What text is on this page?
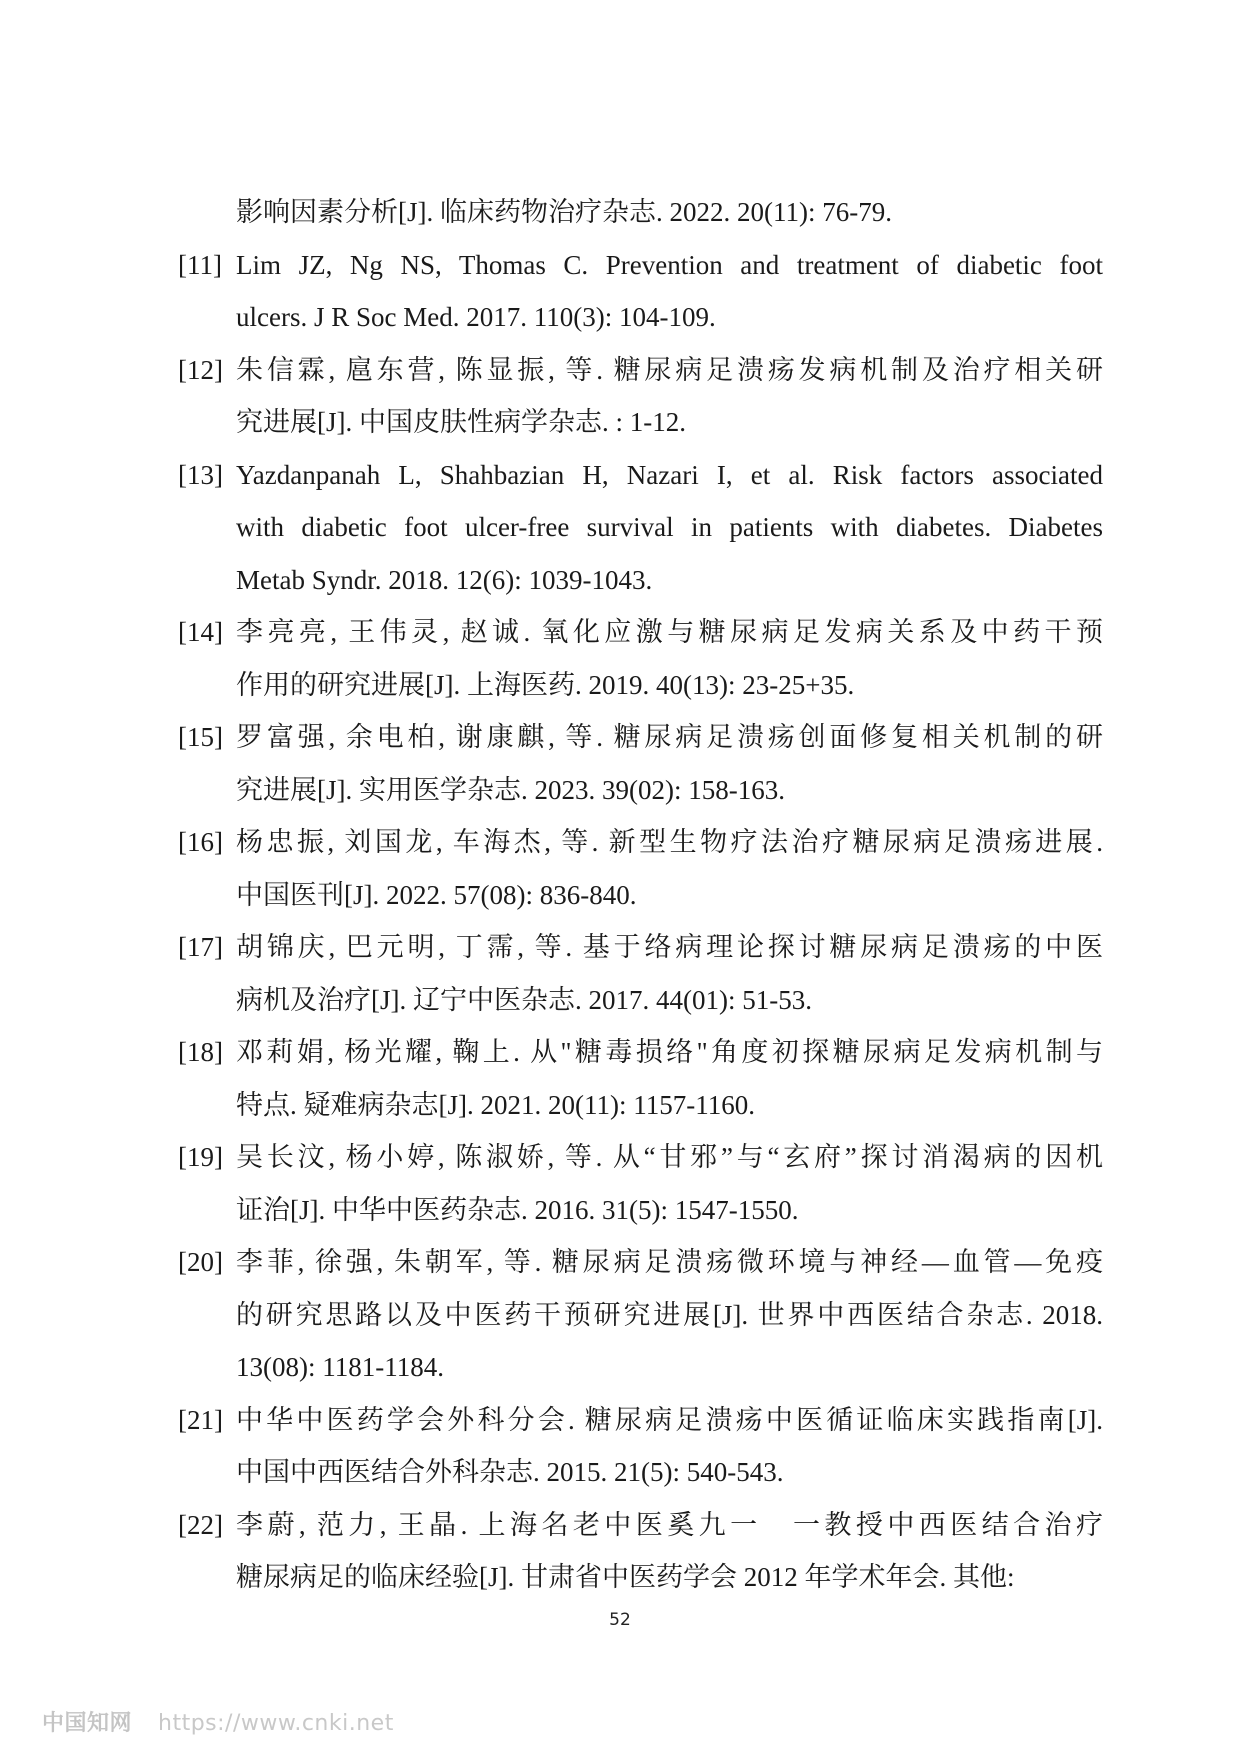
影响因素分析[J]. 临床药物治疗杂志. 2022. 20(11): 76-79.
[11] Lim JZ, Ng NS, Thomas C. Prevention and treatment of diabetic foot
ulcers. J R Soc Med. 2017. 110(3): 104-109.
[12] 朱信霖, 扈东营, 陈显振, 等. 糖尿病足溃疡发病机制及治疗相关研
究进展[J]. 中国皮肤性病学杂志. : 1-12.
[13] Yazdanpanah L, Shahbazian H, Nazari I, et al. Risk factors associated
with diabetic foot ulcer-free survival in patients with diabetes. Diabetes
Metab Syndr. 2018. 12(6): 1039-1043.
[14] 李亮亮, 王伟灵, 赵诚. 氧化应激与糖尿病足发病关系及中药干预
作用的研究进展[J]. 上海医药. 2019. 40(13): 23-25+35.
[15] 罗富强, 余电柏, 谢康麒, 等. 糖尿病足溃疡创面修复相关机制的研
究进展[J]. 实用医学杂志. 2023. 39(02): 158-163.
[16] 杨忠振, 刘国龙, 车海杰, 等. 新型生物疗法治疗糖尿病足溃疡进展.
中国医刊[J]. 2022. 57(08): 836-840.
[17] 胡锦庆, 巴元明, 丁霈, 等. 基于络病理论探讨糖尿病足溃疡的中医
病机及治疗[J]. 辽宁中医杂志. 2017. 44(01): 51-53.
[18] 邓莉娟, 杨光耀, 鞠上. 从"糖毒损络"角度初探糖尿病足发病机制与
特点. 疑难病杂志[J]. 2021. 20(11): 1157-1160.
[19] 吴长汶, 杨小婷, 陈淑娇, 等. 从“甘邪”与“玄府”探讨消渴病的因机
证治[J]. 中华中医药杂志. 2016. 31(5): 1547-1550.
[20] 李菲, 徐强, 朱朝军, 等. 糖尿病足溃疡微环境与神经—血管—免疫
的研究思路以及中医药干预研究进展[J]. 世界中西医结合杂志. 2018.
13(08): 1181-1184.
[21] 中华中医药学会外科分会. 糖尿病足溃疡中医循证临床实践指南[J].
中国中西医结合外科杂志. 2015. 21(5): 540-543.
[22] 李蔚, 范力, 王晶. 上海名老中医奚九一　一教授中西医结合治疗
糖尿病足的临床经验[J]. 甘肃省中医药学会 2012 年学术年会. 其他:
52
中国知网 https://www.cnki.net
